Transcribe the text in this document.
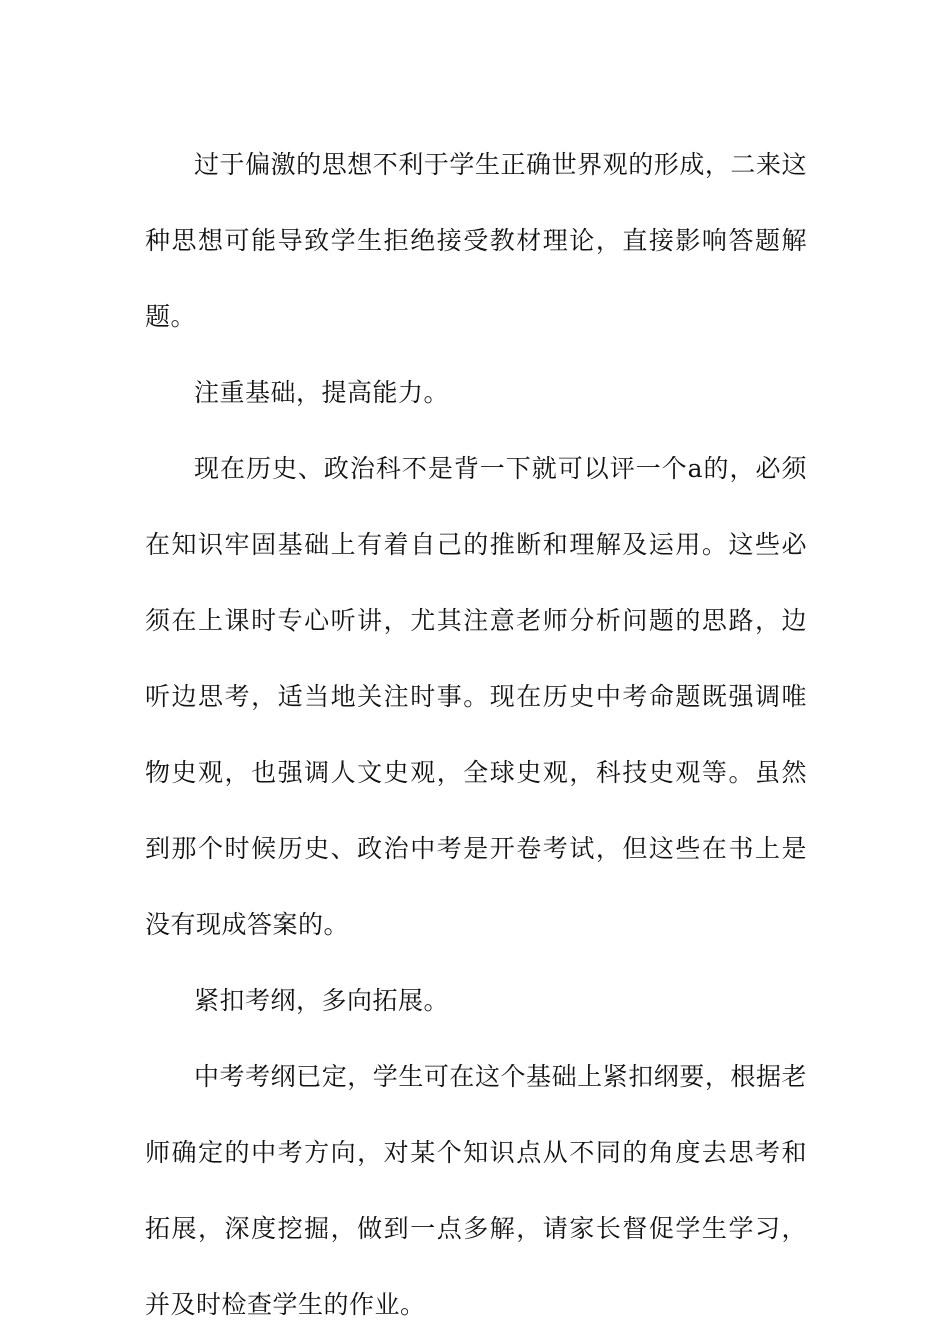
过于偏激的思想不利于学生正确世界观的形成，二来这种思想可能导致学生拒绝接受教材理论，直接影响答题解题。

注重基础，提高能力。

现在历史、政治科不是背一下就可以评一个a的，必须在知识牢固基础上有着自己的推断和理解及运用。这些必须在上课时专心听讲，尤其注意老师分析问题的思路，边听边思考，适当地关注时事。现在历史中考命题既强调唯物史观，也强调人文史观，全球史观，科技史观等。虽然到那个时候历史、政治中考是开卷考试，但这些在书上是没有现成答案的。

紧扣考纲，多向拓展。

中考考纲已定，学生可在这个基础上紧扣纲要，根据老师确定的中考方向，对某个知识点从不同的角度去思考和拓展，深度挖掘，做到一点多解，请家长督促学生学习，并及时检查学生的作业。
